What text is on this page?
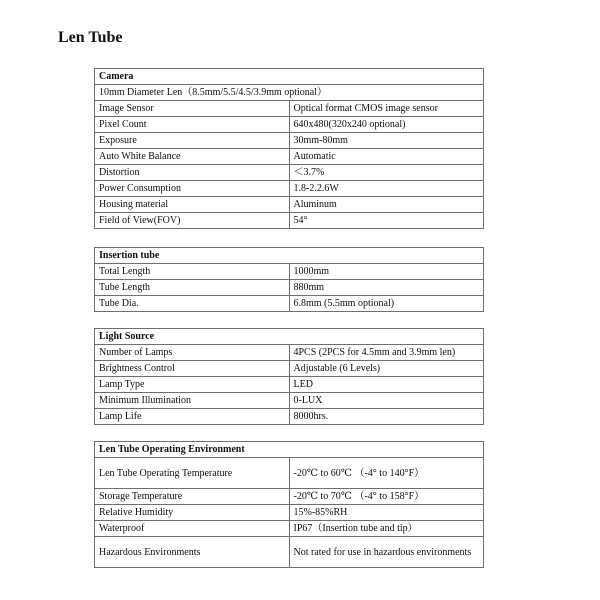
Len Tube
Camera	
10mm Diameter Len（8.5mm/5.5/4.5/3.9mm optional）	
Image Sensor	Optical format CMOS image sensor
Pixel Count	640x480(320x240 optional)
Exposure	30mm-80mm
Auto White Balance	Automatic
Distortion	＜3.7%
Power Consumption	1.8-2.2.6W
Housing material	Aluminum
Field of View(FOV)	54°
Insertion tube	
Total Length	1000mm
Tube Length	880mm
Tube Dia.	6.8mm (5.5mm optional)
Light Source	
Number of Lamps	4PCS (2PCS for 4.5mm and 3.9mm len)
Brightness Control	Adjustable (6 Levels)
Lamp Type	LED
Minimum Illumination	0-LUX
Lamp Life	8000hrs.
Len Tube Operating Environment	
Len Tube Operating Temperature	-20℃ to 60℃ （-4° to 140°F）
Storage Temperature	-20℃ to 70℃ （-4° to 158°F）
Relative Humidity	15%-85%RH
Waterproof	IP67（Insertion tube and tip）
Hazardous Environments	Not rated for use in hazardous environments
